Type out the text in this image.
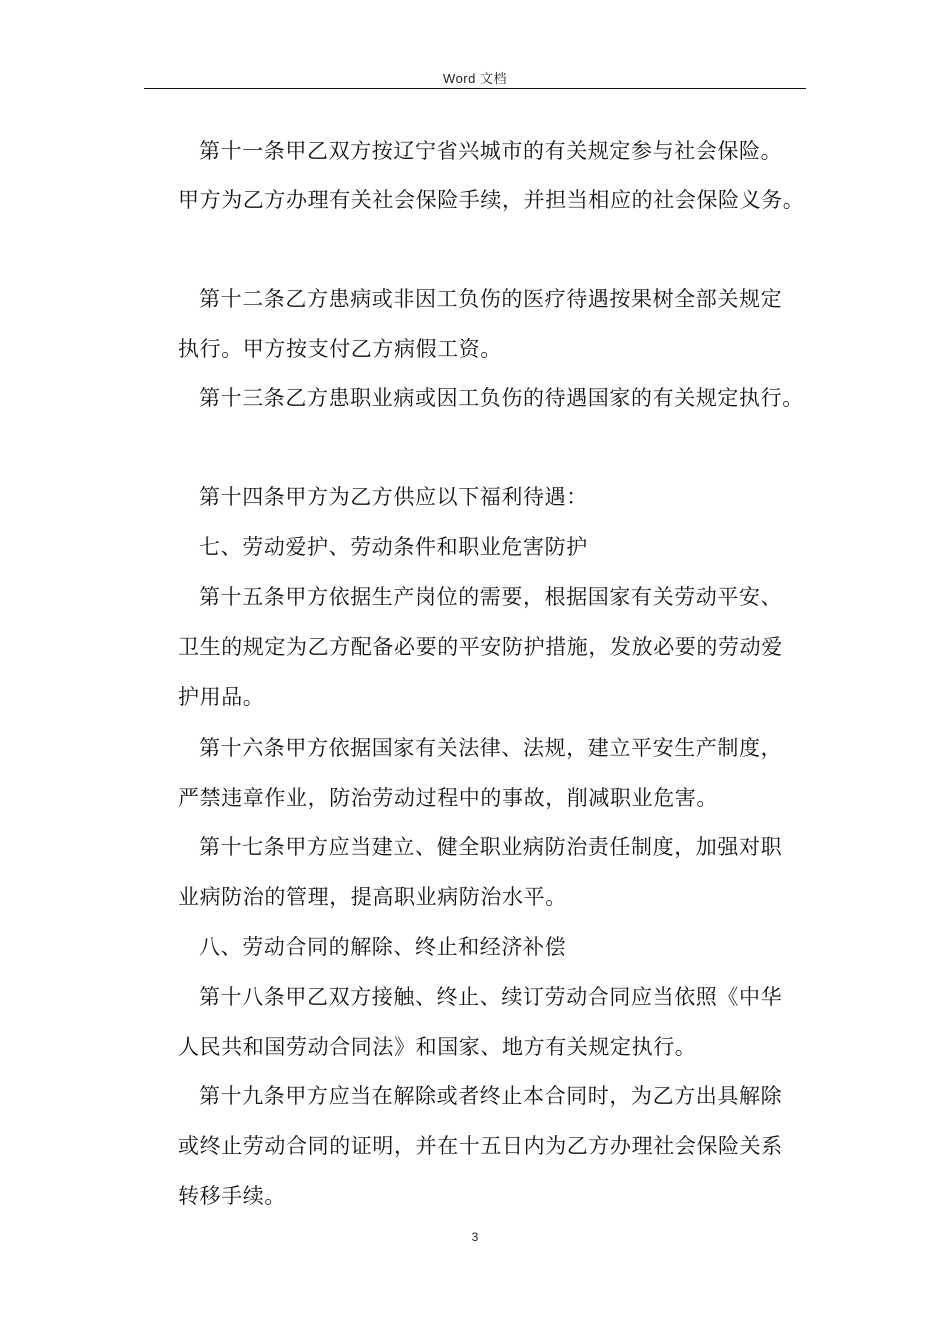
Word 文档
第十一条甲乙双方按辽宁省兴城市的有关规定参与社会保险。
甲方为乙方办理有关社会保险手续，并担当相应的社会保险义务。
第十二条乙方患病或非因工负伤的医疗待遇按果树全部关规定
执行。甲方按支付乙方病假工资。
第十三条乙方患职业病或因工负伤的待遇国家的有关规定执行。
第十四条甲方为乙方供应以下福利待遇：
七、劳动爱护、劳动条件和职业危害防护
第十五条甲方依据生产岗位的需要，根据国家有关劳动平安、
卫生的规定为乙方配备必要的平安防护措施，发放必要的劳动爱
护用品。
第十六条甲方依据国家有关法律、法规，建立平安生产制度，
严禁违章作业，防治劳动过程中的事故，削减职业危害。
第十七条甲方应当建立、健全职业病防治责任制度，加强对职
业病防治的管理，提高职业病防治水平。
八、劳动合同的解除、终止和经济补偿
第十八条甲乙双方接触、终止、续订劳动合同应当依照《中华
人民共和国劳动合同法》和国家、地方有关规定执行。
第十九条甲方应当在解除或者终止本合同时，为乙方出具解除
或终止劳动合同的证明，并在十五日内为乙方办理社会保险关系
转移手续。
3
